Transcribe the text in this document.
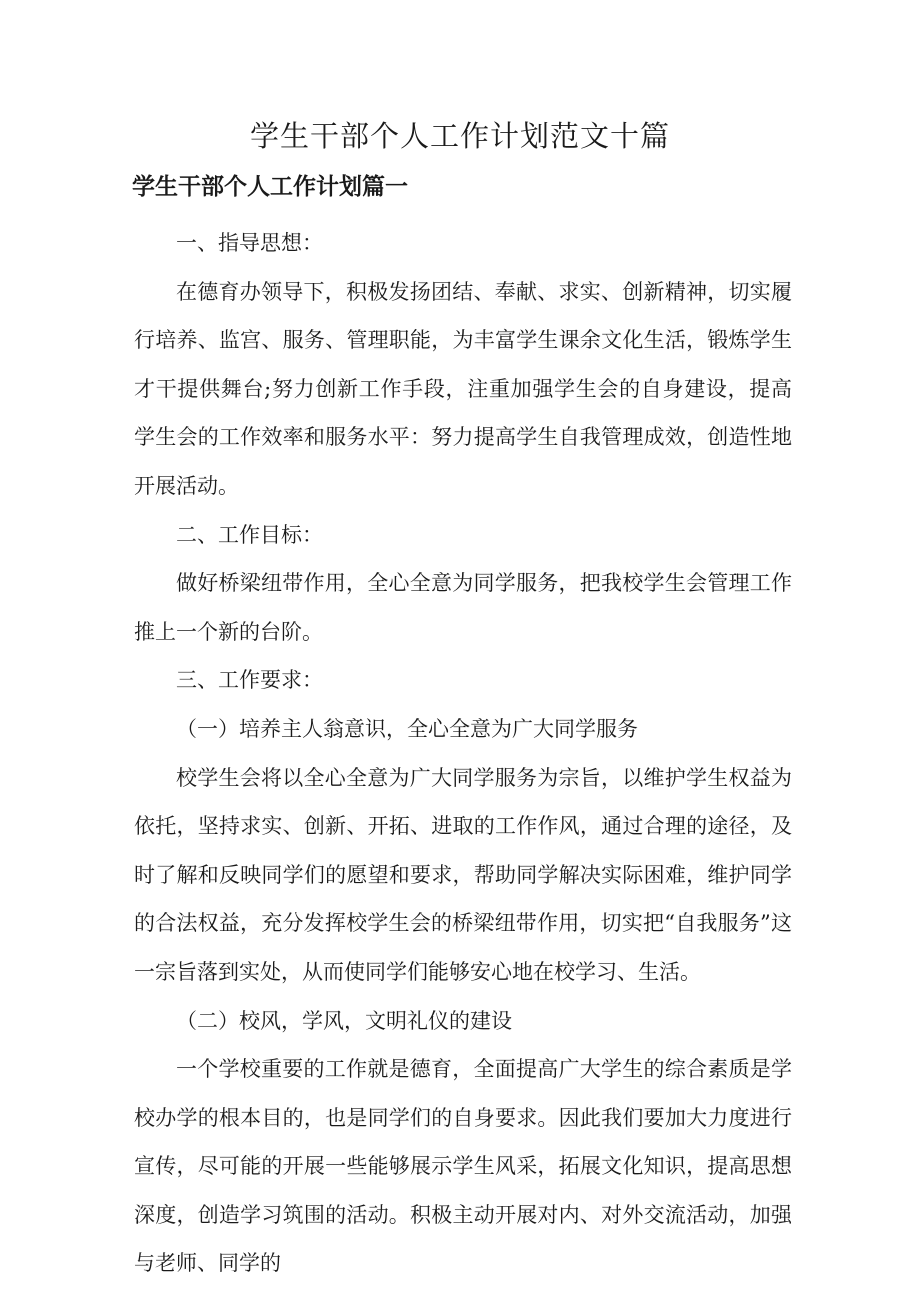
学生干部个人工作计划范文十篇
学生干部个人工作计划篇一

一、指导思想：

在德育办领导下，积极发扬团结、奉献、求实、创新精神，切实履行培养、监宫、服务、管理职能，为丰富学生课余文化生活，锻炼学生才干提供舞台;努力创新工作手段，注重加强学生会的自身建设，提高学生会的工作效率和服务水平：努力提高学生自我管理成效，创造性地开展活动。

二、工作目标：

做好桥梁纽带作用，全心全意为同学服务，把我校学生会管理工作推上一个新的台阶。

三、工作要求：

（一）培养主人翁意识，全心全意为广大同学服务

校学生会将以全心全意为广大同学服务为宗旨，以维护学生权益为依托，坚持求实、创新、开拓、进取的工作作风，通过合理的途径，及时了解和反映同学们的愿望和要求，帮助同学解决实际困难，维护同学的合法权益，充分发挥校学生会的桥梁纽带作用，切实把“自我服务”这一宗旨落到实处，从而使同学们能够安心地在校学习、生活。

（二）校风，学风，文明礼仪的建设

一个学校重要的工作就是德育，全面提高广大学生的综合素质是学校办学的根本目的，也是同学们的自身要求。因此我们要加大力度进行宣传，尽可能的开展一些能够展示学生风采，拓展文化知识，提高思想深度，创造学习筑围的活动。积极主动开展对内、对外交流活动，加强与老师、同学的
